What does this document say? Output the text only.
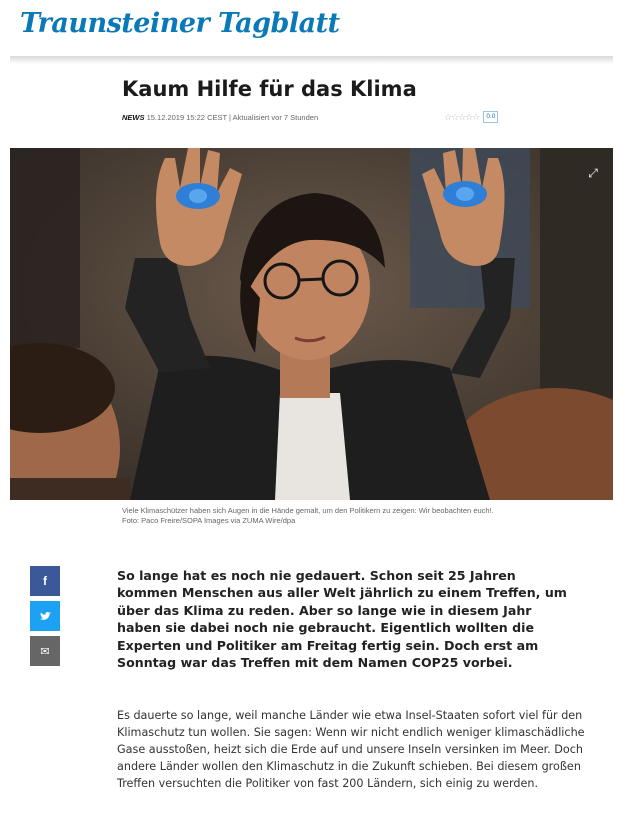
Traunsteiner Tagblatt
Kaum Hilfe für das Klima
NEWS 15.12.2019 15:22 CEST | Aktualisiert vor 7 Stunden	☆☆☆☆☆	0.0
⤢

Viele Klimaschützer haben sich Augen in die Hände gemalt, um den Politikern zu zeigen: Wir beobachten euch!. Foto: Paco Freire/SOPA Images via ZUMA Wire/dpa

f
✉

So lange hat es noch nie gedauert. Schon seit 25 Jahren kommen Menschen aus aller Welt jährlich zu einem Treffen, um über das Klima zu reden. Aber so lange wie in diesem Jahr haben sie dabei noch nie gebraucht. Eigentlich wollten die Experten und Politiker am Freitag fertig sein. Doch erst am Sonntag war das Treffen mit dem Namen COP25 vorbei.

Es dauerte so lange, weil manche Länder wie etwa Insel-Staaten sofort viel für den Klimaschutz tun wollen. Sie sagen: Wenn wir nicht endlich weniger klimaschädliche Gase ausstoßen, heizt sich die Erde auf und unsere Inseln versinken im Meer. Doch andere Länder wollen den Klimaschutz in die Zukunft schieben. Bei diesem großen Treffen versuchten die Politiker von fast 200 Ländern, sich einig zu werden.
